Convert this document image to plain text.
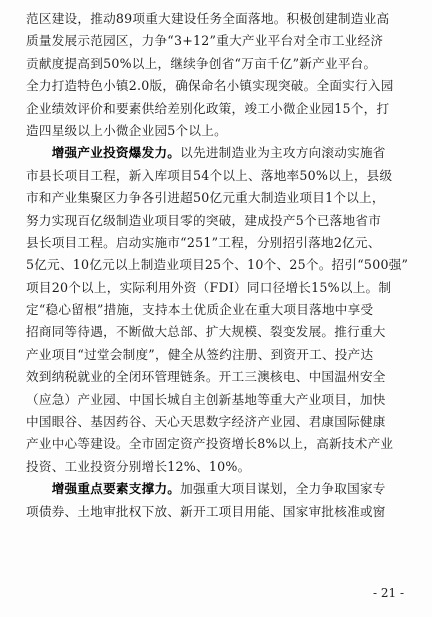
范区建设，推动89项重大建设任务全面落地。积极创建制造业高
质量发展示范园区，力争“3+12”重大产业平台对全市工业经济
贡献度提高到50%以上，继续争创省“万亩千亿”新产业平台。
全力打造特色小镇2.0版，确保命名小镇实现突破。全面实行入园
企业绩效评价和要素供给差别化政策，竣工小微企业园15个，打
造四星级以上小微企业园5个以上。
　　增强产业投资爆发力。以先进制造业为主攻方向滚动实施省
市县长项目工程，新入库项目54个以上、落地率50%以上，县级
市和产业集聚区力争各引进超50亿元重大制造业项目1个以上，
努力实现百亿级制造业项目零的突破，建成投产5个已落地省市
县长项目工程。启动实施市“251”工程，分别招引落地2亿元、
5亿元、10亿元以上制造业项目25个、10个、25个。招引“500强”
项目20个以上，实际利用外资（FDI）同口径增长15%以上。制
定“稳心留根”措施，支持本土优质企业在重大项目落地中享受
招商同等待遇，不断做大总部、扩大规模、裂变发展。推行重大
产业项目“过堂会制度”，健全从签约注册、到资开工、投产达
效到纳税就业的全闭环管理链条。开工三澳核电、中国温州安全
（应急）产业园、中国长城自主创新基地等重大产业项目，加快
中国眼谷、基因药谷、天心天思数字经济产业园、君康国际健康
产业中心等建设。全市固定资产投资增长8%以上，高新技术产业
投资、工业投资分别增长12%、10%。
　　增强重点要素支撑力。加强重大项目谋划，全力争取国家专
项债券、土地审批权下放、新开工项目用能、国家审批核准或窗
- 21 -
